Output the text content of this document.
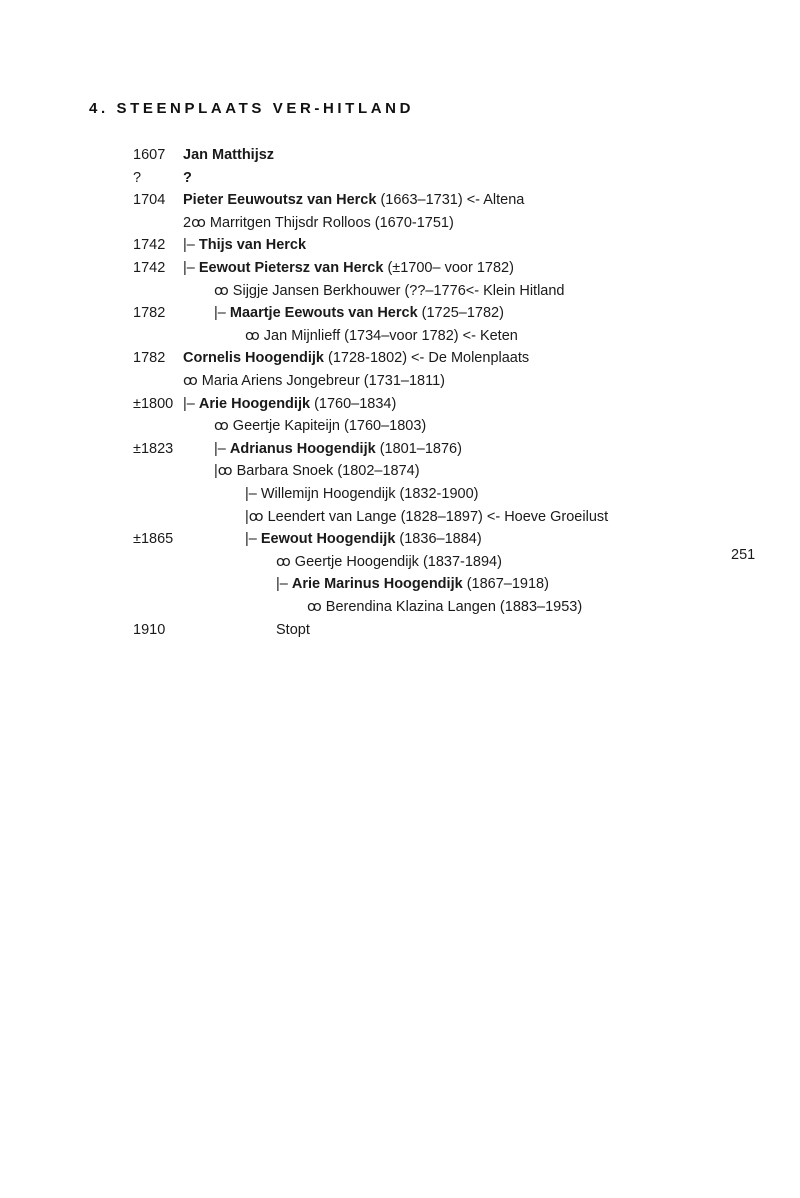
4. STEENPLAATS VER-HITLAND
1607 Jan Matthijsz
?	?
1704 Pieter Eeuwoutsz van Herck (1663–1731) <- Altena
2ꝏ Marritgen Thijsdr Rolloos (1670-1751)
1742 |– Thijs van Herck
1742 |– Eewout Pietersz van Herck (±1700– voor 1782)
ꝏ Sijgje Jansen Berkhouwer (??–1776<- Klein Hitland
1782	|– Maartje Eewouts van Herck (1725–1782)
ꝏ Jan Mijnlieff (1734–voor 1782) <- Keten
1782 Cornelis Hoogendijk (1728-1802) <- De Molenplaats
ꝏ Maria Ariens Jongebreur (1731–1811)
±1800 |– Arie Hoogendijk (1760–1834)
ꝏ Geertje Kapiteijn (1760–1803)
±1823	|– Adrianus Hoogendijk (1801–1876)
|ꝏ Barbara Snoek (1802–1874)
|– Willemijn Hoogendijk (1832-1900)
|ꝏ Leendert van Lange (1828–1897) <- Hoeve Groeilust
±1865	|– Eewout Hoogendijk (1836–1884)
ꝏ Geertje Hoogendijk (1837-1894)
|– Arie Marinus Hoogendijk (1867–1918)
ꝏ Berendina Klazina Langen (1883–1953)
1910	Stopt
251
